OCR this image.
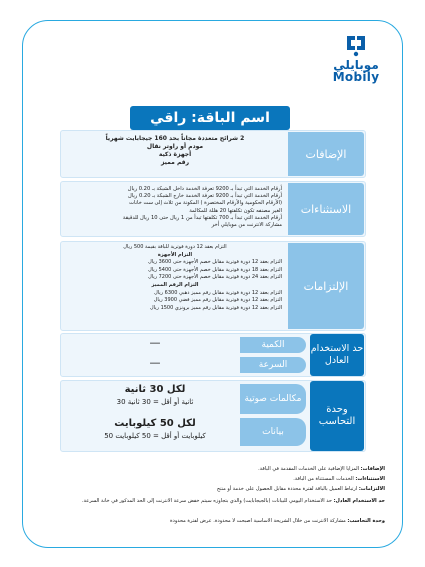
موبايلي
Mobily
اسم الباقة: راقي
الإضافات
2 شرائح متعددة مجاناً بحد 160 جيجابايت شهرياً
مودم أو راوتر نقال
أجهزة ذكية
رقم مميز
الاستثناءات
أرقام الخدمة التي تبدأ بـ 9200 تعرفة الخدمة داخل الشبكة بـ 0.20 ريال
أرقام الخدمة التي تبدأ بـ 9200 تعرفة الخدمة خارج الشبكة بـ 0.20 ريال
(الأرقام الحكومية والأرقام المختصرة ) المكونة من ثلاث إلى ست خانات
الغير مصنفه تكون تكلفتها 20 هللة للمكالمة
أرقام الخدمة التي تبدأ بـ 700 تكلفتها تبدأ من 1 ريال حتى 10 ريال للدقيقة
مشاركة الانترنت من موبايلي أخر
الإلتزامات
التزام بعقد 12 دورة فوترية للباقة بقيمة 500 ريال
التزام الأجهزة
التزام بعقد 12 دورة فوترية مقابل خصم الأجهزة حتى 3600 ريال
التزام بعقد 18 دورة فوترية مقابل خصم الأجهزة حتى 5400 ريال
التزام بعقد 24 دورة فوترية مقابل خصم الأجهزة حتى 7200 ريال
التزام الرقم المميز
التزام بعقد 12 دورة فوترية مقابل رقم مميز ذهبي 6300 ريال
التزام بعقد 12 دورة فوترية مقابل رقم مميز فضي 3900 ريال
التزام بعقد 12 دورة فوترية مقابل رقم مميز برونزي 1500 ريال
حد الاستخدام العادل
الكمية
السرعة
—
—
وحدة التحاسب
مكالمات صوتية
بيانات
لكل 30 ثانية
30 ثانية أو أقل = 30 ثانية
لكل 50 كيلوبايت
50 كيلوبايت أو أقل = 50 كيلوبايت
الإضافات: المزايا الإضافية على الخدمات المقدمة في الباقة.
الاستثناءات: الخدمات المستثناة من الباقة.
الالتزامات: ارتباط العميل بالباقة لفترة محددة مقابل الحصول على خدمة أو منتج
حد الاستخدام العادل: حد الاستخدام اليومي للبيانات (بالجيجابايت) والذي بتجاوزه سيتم خفض سرعة الانترنت إلى الحد المذكور في خانة السرعة.
وحدة التحاسب: مشاركة الانترنت من خلال الشريحة الاساسية اصبحت لا محدودة. عرض لفترة محدودة
